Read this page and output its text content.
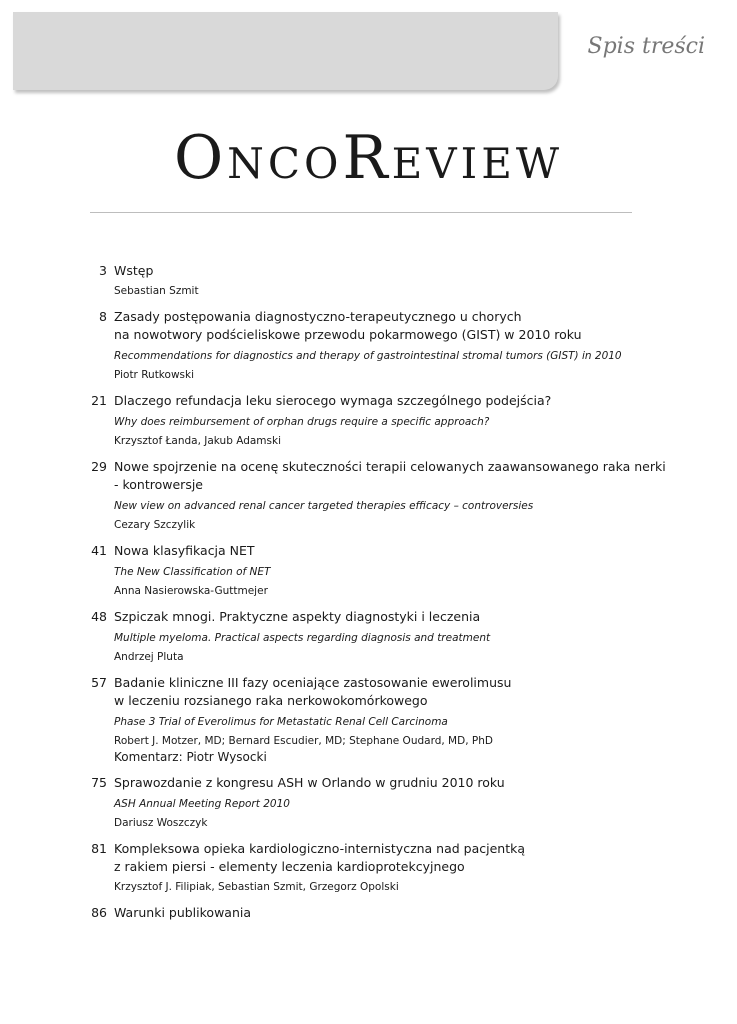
Spis treści
OncoReview
3 Wstęp
Sebastian Szmit
8 Zasady postępowania diagnostyczno-terapeutycznego u chorych
na nowotwory podścieliskowe przewodu pokarmowego (GIST) w 2010 roku
Recommendations for diagnostics and therapy of gastrointestinal stromal tumors (GIST) in 2010
Piotr Rutkowski
21 Dlaczego refundacja leku sierocego wymaga szczególnego podejścia?
Why does reimbursement of orphan drugs require a specific approach?
Krzysztof Łanda, Jakub Adamski
29 Nowe spojrzenie na ocenę skuteczności terapii celowanych zaawansowanego raka nerki
- kontrowersje
New view on advanced renal cancer targeted therapies efficacy – controversies
Cezary Szczylik
41 Nowa klasyfikacja NET
The New Classification of NET
Anna Nasierowska-Guttmejer
48 Szpiczak mnogi. Praktyczne aspekty diagnostyki i leczenia
Multiple myeloma. Practical aspects regarding diagnosis and treatment
Andrzej Pluta
57 Badanie kliniczne III fazy oceniające zastosowanie ewerolimusu
w leczeniu rozsianego raka nerkowokomórkowego
Phase 3 Trial of Everolimus for Metastatic Renal Cell Carcinoma
Robert J. Motzer, MD; Bernard Escudier, MD; Stephane Oudard, MD, PhD
Komentarz: Piotr Wysocki
75 Sprawozdanie z kongresu ASH w Orlando w grudniu 2010 roku
ASH Annual Meeting Report 2010
Dariusz Woszczyk
81 Kompleksowa opieka kardiologiczno-internistyczna nad pacjentką
z rakiem piersi - elementy leczenia kardioprotekcyjnego
Krzysztof J. Filipiak, Sebastian Szmit, Grzegorz Opolski
86 Warunki publikowania
